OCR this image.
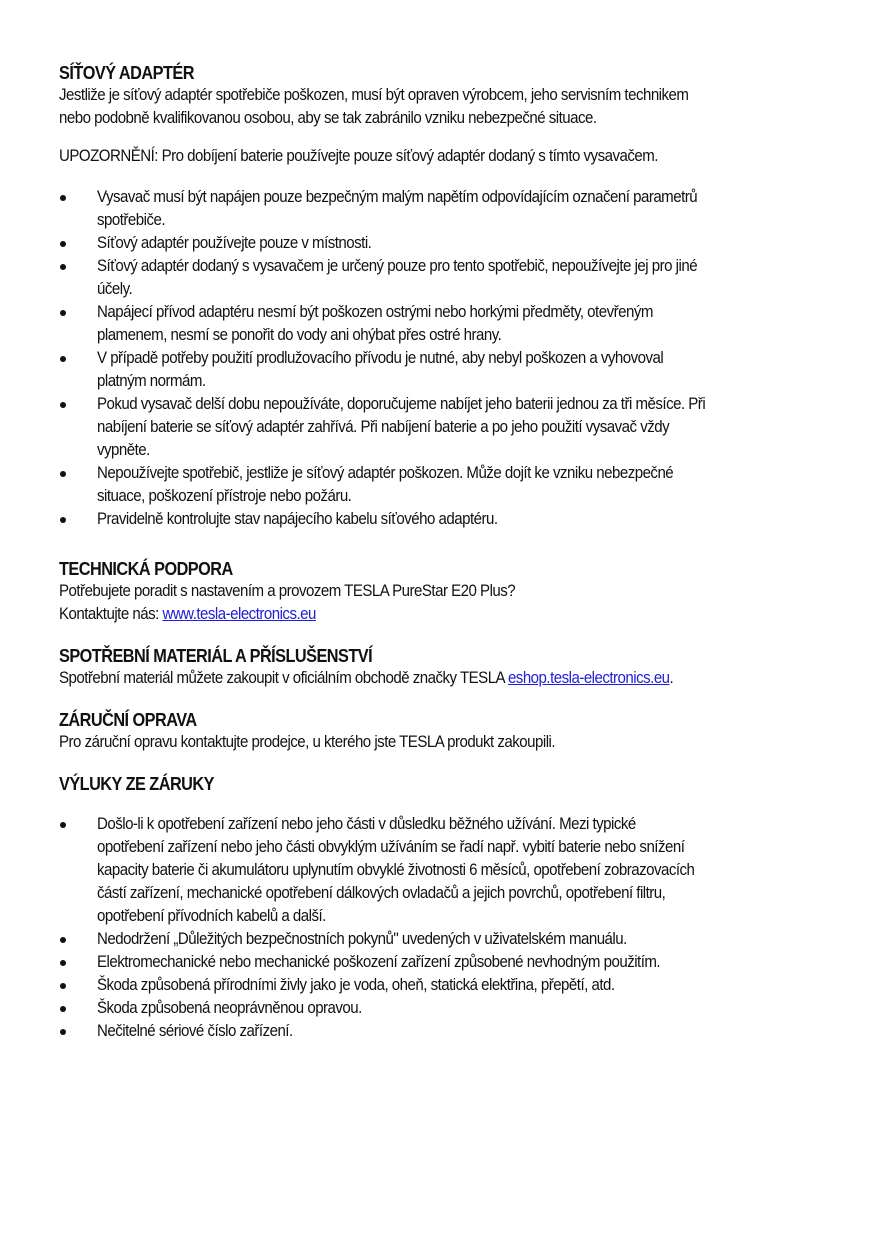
SÍŤOVÝ ADAPTÉR

Jestliže je síťový adaptér spotřebiče poškozen, musí být opraven výrobcem, jeho servisním technikem

nebo podobně kvalifikovanou osobou, aby se tak zabránilo vzniku nebezpečné situace.

UPOZORNĚNÍ: Pro dobíjení baterie používejte pouze síťový adaptér dodaný s tímto vysavačem.

Vysavač musí být napájen pouze bezpečným malým napětím odpovídajícím označení parametrů
spotřebiče.
Síťový adaptér používejte pouze v místnosti.
Síťový adaptér dodaný s vysavačem je určený pouze pro tento spotřebič, nepoužívejte jej pro jiné
účely.
Napájecí přívod adaptéru nesmí být poškozen ostrými nebo horkými předměty, otevřeným
plamenem, nesmí se ponořit do vody ani ohýbat přes ostré hrany.
V případě potřeby použití prodlužovacího přívodu je nutné, aby nebyl poškozen a vyhovoval
platným normám.
Pokud vysavač delší dobu nepoužíváte, doporučujeme nabíjet jeho baterii jednou za tři měsíce. Při
nabíjení baterie se síťový adaptér zahřívá. Při nabíjení baterie a po jeho použití vysavač vždy
vypněte.
Nepoužívejte spotřebič, jestliže je síťový adaptér poškozen. Může dojít ke vzniku nebezpečné
situace, poškození přístroje nebo požáru.
Pravidelně kontrolujte stav napájecího kabelu síťového adaptéru.
TECHNICKÁ PODPORA

Potřebujete poradit s nastavením a provozem TESLA PureStar E20 Plus?

Kontaktujte nás: www.tesla-electronics.eu

SPOTŘEBNÍ MATERIÁL A PŘÍSLUŠENSTVÍ

Spotřební materiál můžete zakoupit v oficiálním obchodě značky TESLA eshop.tesla-electronics.eu.

ZÁRUČNÍ OPRAVA

Pro záruční opravu kontaktujte prodejce, u kterého jste TESLA produkt zakoupili.

VÝLUKY ZE ZÁRUKY
Došlo-li k opotřebení zařízení nebo jeho části v důsledku běžného užívání. Mezi typické
opotřebení zařízení nebo jeho části obvyklým užíváním se řadí např. vybití baterie nebo snížení
kapacity baterie či akumulátoru uplynutím obvyklé životnosti 6 měsíců, opotřebení zobrazovacích
částí zařízení, mechanické opotřebení dálkových ovladačů a jejich povrchů, opotřebení filtru,
opotřebení přívodních kabelů a další.
Nedodržení „Důležitých bezpečnostních pokynů" uvedených v uživatelském manuálu.
Elektromechanické nebo mechanické poškození zařízení způsobené nevhodným použitím.
Škoda způsobená přírodními živly jako je voda, oheň, statická elektřina, přepětí, atd.
Škoda způsobená neoprávněnou opravou.
Nečitelné sériové číslo zařízení.
